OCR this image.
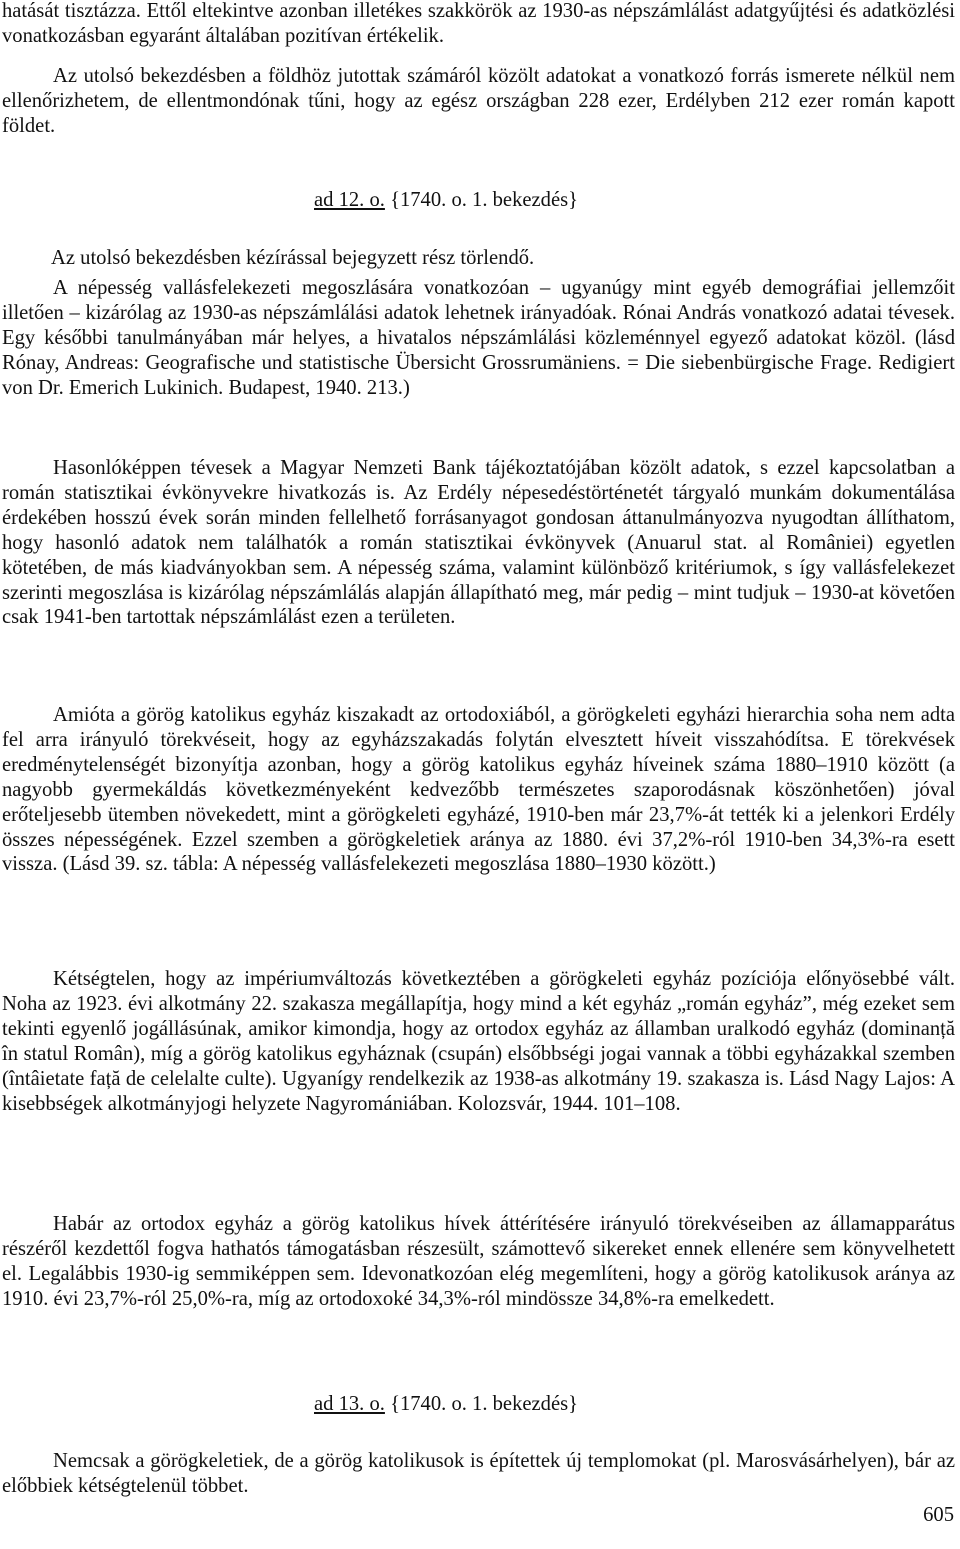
hatását tisztázza. Ettől eltekintve azonban illetékes szakkörök az 1930-as népszámlálást adatgyűjtési és adatközlési vonatkozásban egyaránt általában pozitívan értékelik.

Az utolsó bekezdésben a földhöz jutottak számáról közölt adatokat a vonatkozó forrás ismerete nélkül nem ellenőrizhetem, de ellentmondónak tűni, hogy az egész országban 228 ezer, Erdélyben 212 ezer román kapott földet.

ad 12. o. {1740. o. 1. bekezdés}

Az utolsó bekezdésben kézírással bejegyzett rész törlendő.

A népesség vallásfelekezeti megoszlására vonatkozóan – ugyanúgy mint egyéb demográfiai jellemzőit illetően – kizárólag az 1930-as népszámlálási adatok lehetnek irányadóak. Rónai András vonatkozó adatai tévesek. Egy későbbi tanulmányában már helyes, a hivatalos népszámlálási közleménnyel egyező adatokat közöl. (lásd Rónay, Andreas: Geografische und statistische Übersicht Grossrumäniens. = Die siebenbürgische Frage. Redigiert von Dr. Emerich Lukinich. Budapest, 1940. 213.)

Hasonlóképpen tévesek a Magyar Nemzeti Bank tájékoztatójában közölt adatok, s ezzel kapcsolatban a román statisztikai évkönyvekre hivatkozás is. Az Erdély népesedéstörténetét tárgyaló munkám dokumentálása érdekében hosszú évek során minden fellelhető forrásanyagot gondosan áttanulmányozva nyugodtan állíthatom, hogy hasonló adatok nem találhatók a román statisztikai évkönyvek (Anuarul stat. al României) egyetlen kötetében, de más kiadványokban sem. A népesség száma, valamint különböző kritériumok, s így vallásfelekezet szerinti megoszlása is kizárólag népszámlálás alapján állapítható meg, már pedig – mint tudjuk – 1930-at követően csak 1941-ben tartottak népszámlálást ezen a területen.

Amióta a görög katolikus egyház kiszakadt az ortodoxiából, a görögkeleti egyházi hierarchia soha nem adta fel arra irányuló törekvéseit, hogy az egyházszakadás folytán elvesztett híveit visszahódítsa. E törekvések eredménytelenségét bizonyítja azonban, hogy a görög katolikus egyház híveinek száma 1880–1910 között (a nagyobb gyermekáldás következményeként kedvezőbb természetes szaporodásnak köszönhetően) jóval erőteljesebb ütemben növekedett, mint a görögkeleti egyházé, 1910-ben már 23,7%-át tették ki a jelenkori Erdély összes népességének. Ezzel szemben a görögkeletiek aránya az 1880. évi 37,2%-ról 1910-ben 34,3%-ra esett vissza. (Lásd 39. sz. tábla: A népesség vallásfelekezeti megoszlása 1880–1930 között.)

Kétségtelen, hogy az impériumváltozás következtében a görögkeleti egyház pozíciója előnyösebbé vált. Noha az 1923. évi alkotmány 22. szakasza megállapítja, hogy mind a két egyház „román egyház”, még ezeket sem tekinti egyenlő jogállásúnak, amikor kimondja, hogy az ortodox egyház az államban uralkodó egyház (dominanță în statul Român), míg a görög katolikus egyháznak (csupán) elsőbbségi jogai vannak a többi egyházakkal szemben (întâietate față de celelalte culte). Ugyanígy rendelkezik az 1938-as alkotmány 19. szakasza is. Lásd Nagy Lajos: A kisebbségek alkotmányjogi helyzete Nagyromániában. Kolozsvár, 1944. 101–108.

Habár az ortodox egyház a görög katolikus hívek áttérítésére irányuló törekvéseiben az államapparátus részéről kezdettől fogva hathatós támogatásban részesült, számottevő sikereket ennek ellenére sem könyvelhetett el. Legalábbis 1930-ig semmiképpen sem. Idevonatkozóan elég megemlíteni, hogy a görög katolikusok aránya az 1910. évi 23,7%-ról 25,0%-ra, míg az ortodoxoké 34,3%-ról mindössze 34,8%-ra emelkedett.

ad 13. o. {1740. o. 1. bekezdés}

Nemcsak a görögkeletiek, de a görög katolikusok is építettek új templomokat (pl. Marosvásárhelyen), bár az előbbiek kétségtelenül többet.

605
